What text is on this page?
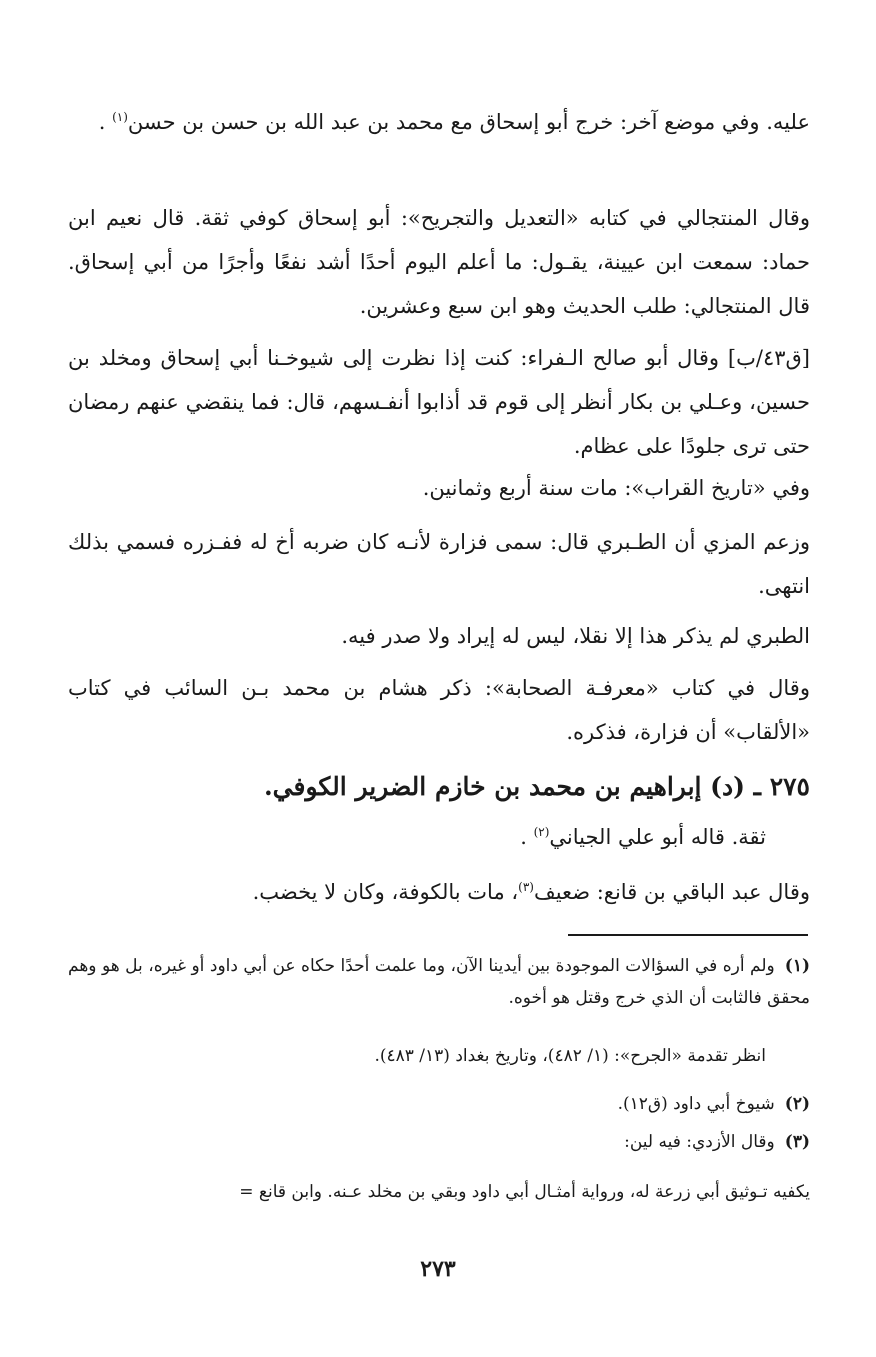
عليه. وفي موضع آخر: خرج أبو إسحاق مع محمد بن عبد الله بن حسن بن حسن$^{(١)}$ .

وقال المنتجالي في كتابه «التعديل والتجريح»: أبو إسحاق كوفي ثقة. قال نعيم ابن حماد: سمعت ابن عيينة، يقـول: ما أعلم اليوم أحدًا أشد نفعًا وأجرًا من أبي إسحاق. قال المنتجالي: طلب الحديث وهو ابن سبع وعشرين.

[ق٤٣/ب] وقال أبو صالح الـفراء: كنت إذا نظرت إلى شيوخـنا أبي إسحاق ومخلد بن حسين، وعـلي بن بكار أنظر إلى قوم قد أذابوا أنفـسهم، قال: فما ينقضي عنهم رمضان حتى ترى جلودًا على عظام.

وفي «تاريخ القراب»: مات سنة أربع وثمانين.

وزعم المزي أن الطـبري قال: سمى فزارة لأنـه كان ضربه أخ له ففـزره فسمي بذلك انتهى.

الطبري لم يذكر هذا إلا نقلا، ليس له إيراد ولا صدر فيه.

وقال في كتاب «معرفـة الصحابة»: ذكر هشام بن محمد بـن السائب في كتاب «الألقاب» أن فزارة، فذكره.

٢٧٥ ـ (د) إبراهيم بن محمد بن خازم الضرير الكوفي.

ثقة. قاله أبو علي الجياني$^{(٢)}$ .

وقال عبد الباقي بن قانع: ضعيف$^{(٣)}$، مات بالكوفة، وكان لا يخضب.

(١)ولم أره في السؤالات الموجودة بين أيدينا الآن، وما علمت أحدًا حكاه عن أبي داود أو غيره، بل هو وهم محقق فالثابت أن الذي خرج وقتل هو أخوه.

انظر تقدمة «الجرح»: (١/ ٤٨٢)، وتاريخ بغداد (١٣/ ٤٨٣).

(٢)شيوخ أبي داود (ق١٢).

(٣)وقال الأزدي: فيه لين:

يكفيه تـوثيق أبي زرعة له، ورواية أمثـال أبي داود وبقي بن مخلد عـنه. وابن قانع =

٢٧٣
